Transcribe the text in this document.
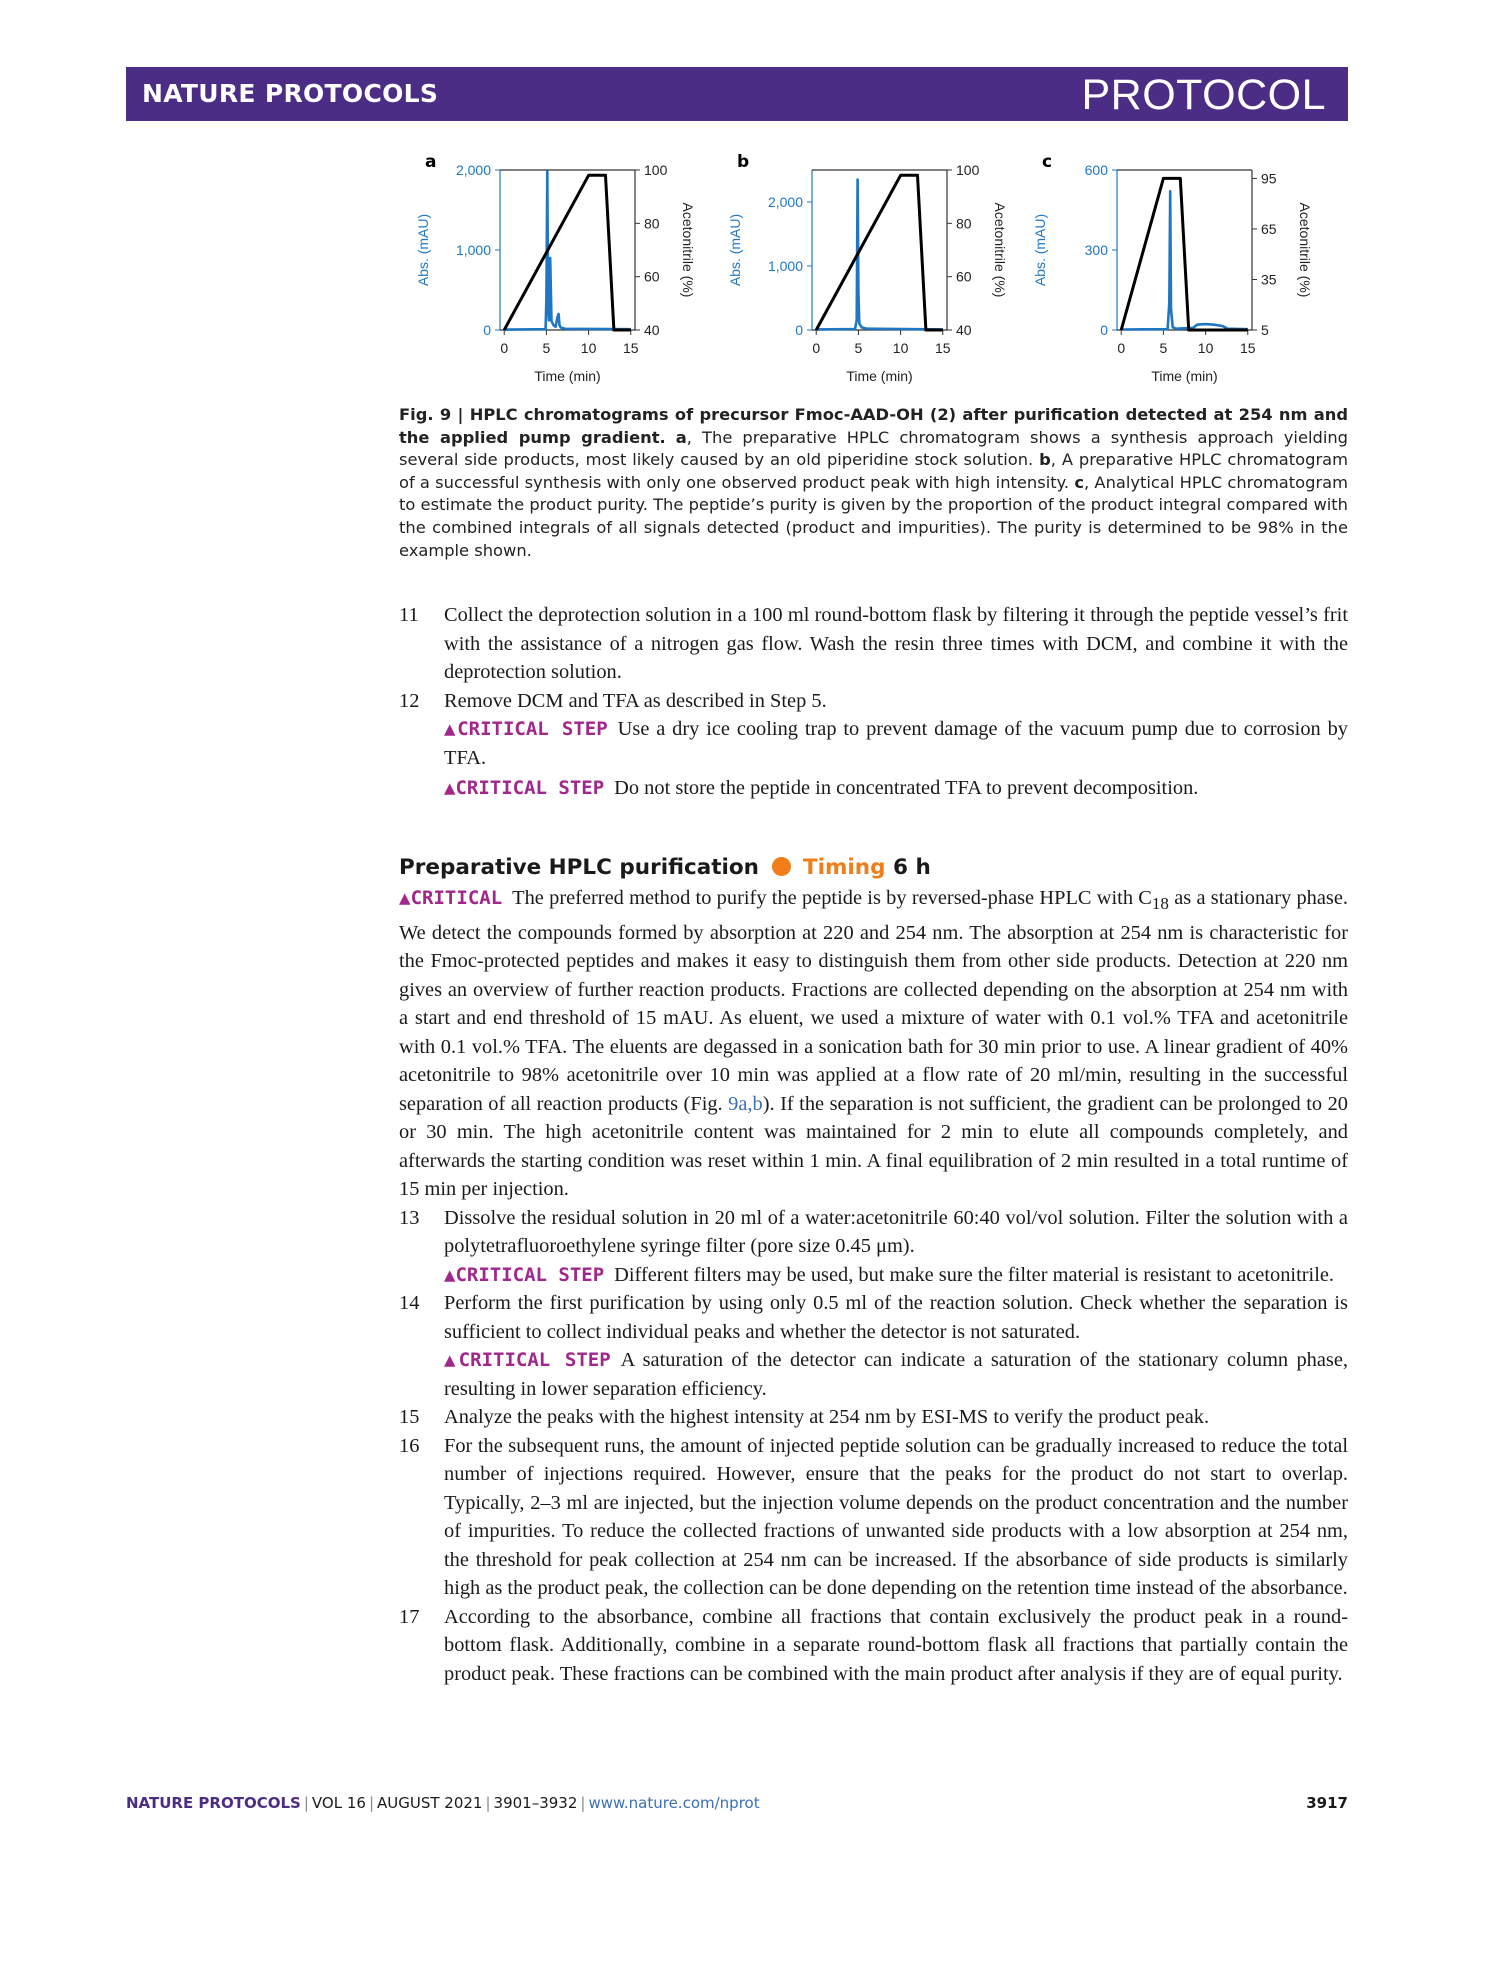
NATURE PROTOCOLS	PROTOCOL
a
0
1,000
2,000
40
60
80
100
0 5 10 15
Time (min)
Abs. (mAU)	Acetonitrile (%)
b
0
1,000
2,000
40
60
80
100
0 5 10 15
Time (min)
Abs. (mAU)	Acetonitrile (%)
c
0
300
600
5
35
65
95
0 5 10 15
Time (min)
Abs. (mAU)	Acetonitrile (%)
Fig. 9 | HPLC chromatograms of precursor Fmoc-AAD-OH (2) after purification detected at 254 nm and the applied pump gradient. a, The preparative HPLC chromatogram shows a synthesis approach yielding several side products, most likely caused by an old piperidine stock solution. b, A preparative HPLC chromatogram of a successful synthesis with only one observed product peak with high intensity. c, Analytical HPLC chromatogram to estimate the product purity. The peptide’s purity is given by the proportion of the product integral compared with the combined integrals of all signals detected (product and impurities). The purity is determined to be 98% in the example shown.
11 Collect the deprotection solution in a 100 ml round-bottom flask by filtering it through the peptide vessel’s frit with the assistance of a nitrogen gas flow. Wash the resin three times with DCM, and combine it with the deprotection solution.
12 Remove DCM and TFA as described in Step 5.
▲CRITICAL STEP Use a dry ice cooling trap to prevent damage of the vacuum pump due to corrosion by TFA.
▲CRITICAL STEP Do not store the peptide in concentrated TFA to prevent decomposition.
Preparative HPLC purification Timing 6 h
▲CRITICAL The preferred method to purify the peptide is by reversed-phase HPLC with $C_{18}$ as a stationary phase. We detect the compounds formed by absorption at 220 and 254 nm. The absorption at 254 nm is characteristic for the Fmoc-protected peptides and makes it easy to distinguish them from other side products. Detection at 220 nm gives an overview of further reaction products. Fractions are collected depending on the absorption at 254 nm with a start and end threshold of 15 mAU. As eluent, we used a mixture of water with 0.1 vol.% TFA and acetonitrile with 0.1 vol.% TFA. The eluents are degassed in a sonication bath for 30 min prior to use. A linear gradient of 40% acetonitrile to 98% acetonitrile over 10 min was applied at a flow rate of 20 ml/min, resulting in the successful separation of all reaction products (Fig. 9a,b). If the separation is not sufficient, the gradient can be prolonged to 20 or 30 min. The high acetonitrile content was maintained for 2 min to elute all compounds completely, and afterwards the starting condition was reset within 1 min. A final equilibration of 2 min resulted in a total runtime of 15 min per injection.
13 Dissolve the residual solution in 20 ml of a water:acetonitrile 60:40 vol/vol solution. Filter the solution with a polytetrafluoroethylene syringe filter (pore size 0.45 μm).
▲CRITICAL STEP Different filters may be used, but make sure the filter material is resistant to acetonitrile.
14 Perform the first purification by using only 0.5 ml of the reaction solution. Check whether the separation is sufficient to collect individual peaks and whether the detector is not saturated.
▲CRITICAL STEP A saturation of the detector can indicate a saturation of the stationary column phase, resulting in lower separation efficiency.
15 Analyze the peaks with the highest intensity at 254 nm by ESI-MS to verify the product peak.
16 For the subsequent runs, the amount of injected peptide solution can be gradually increased to reduce the total number of injections required. However, ensure that the peaks for the product do not start to overlap. Typically, 2–3 ml are injected, but the injection volume depends on the product concentration and the number of impurities. To reduce the collected fractions of unwanted side products with a low absorption at 254 nm, the threshold for peak collection at 254 nm can be increased. If the absorbance of side products is similarly high as the product peak, the collection can be done depending on the retention time instead of the absorbance.
17 According to the absorbance, combine all fractions that contain exclusively the product peak in a round-bottom flask. Additionally, combine in a separate round-bottom flask all fractions that partially contain the product peak. These fractions can be combined with the main product after analysis if they are of equal purity.
NATURE PROTOCOLS | VOL 16 | AUGUST 2021 | 3901–3932 | www.nature.com/nprot	3917
